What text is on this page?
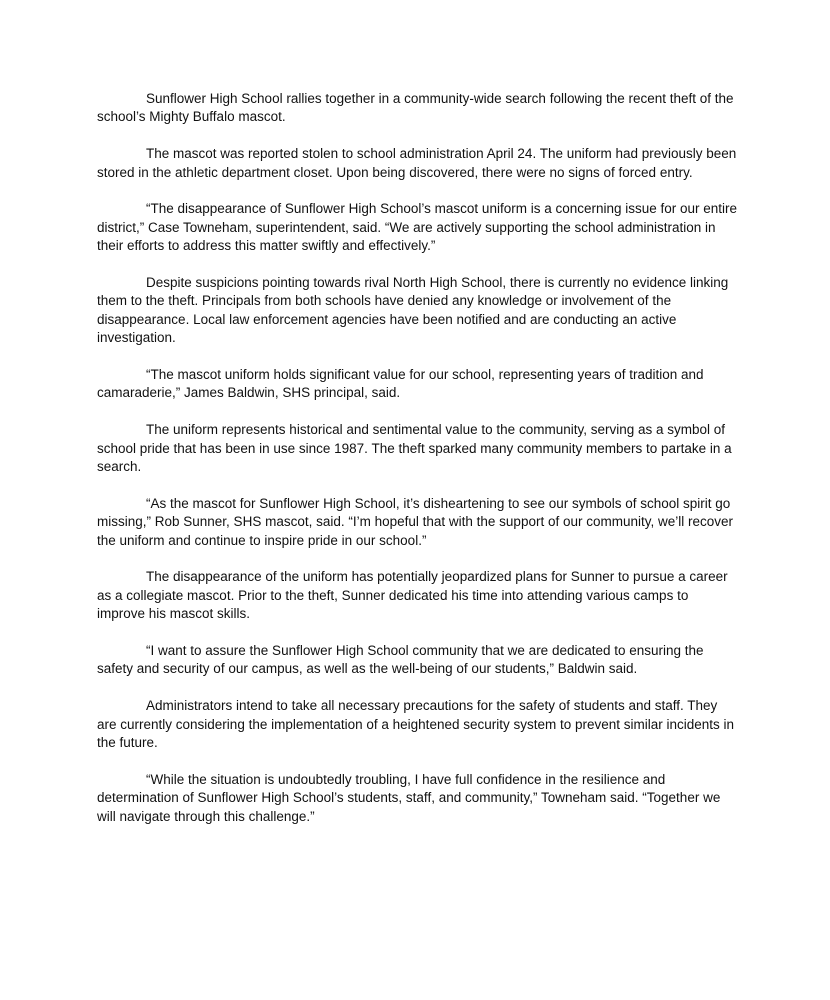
Sunflower High School rallies together in a community-wide search following the recent theft of the school’s Mighty Buffalo mascot.

The mascot was reported stolen to school administration April 24. The uniform had previously been stored in the athletic department closet. Upon being discovered, there were no signs of forced entry.

“The disappearance of Sunflower High School’s mascot uniform is a concerning issue for our entire district,” Case Towneham, superintendent, said. “We are actively supporting the school administration in their efforts to address this matter swiftly and effectively.”

Despite suspicions pointing towards rival North High School, there is currently no evidence linking them to the theft. Principals from both schools have denied any knowledge or involvement of the disappearance. Local law enforcement agencies have been notified and are conducting an active investigation.

“The mascot uniform holds significant value for our school, representing years of tradition and camaraderie,” James Baldwin, SHS principal, said.

The uniform represents historical and sentimental value to the community, serving as a symbol of school pride that has been in use since 1987. The theft sparked many community members to partake in a search.

“As the mascot for Sunflower High School, it’s disheartening to see our symbols of school spirit go missing,” Rob Sunner, SHS mascot, said. “I’m hopeful that with the support of our community, we’ll recover the uniform and continue to inspire pride in our school.”

The disappearance of the uniform has potentially jeopardized plans for Sunner to pursue a career as a collegiate mascot. Prior to the theft, Sunner dedicated his time into attending various camps to improve his mascot skills.

“I want to assure the Sunflower High School community that we are dedicated to ensuring the safety and security of our campus, as well as the well-being of our students,” Baldwin said.

Administrators intend to take all necessary precautions for the safety of students and staff. They are currently considering the implementation of a heightened security system to prevent similar incidents in the future.

“While the situation is undoubtedly troubling, I have full confidence in the resilience and determination of Sunflower High School’s students, staff, and community,” Towneham said. “Together we will navigate through this challenge.”
